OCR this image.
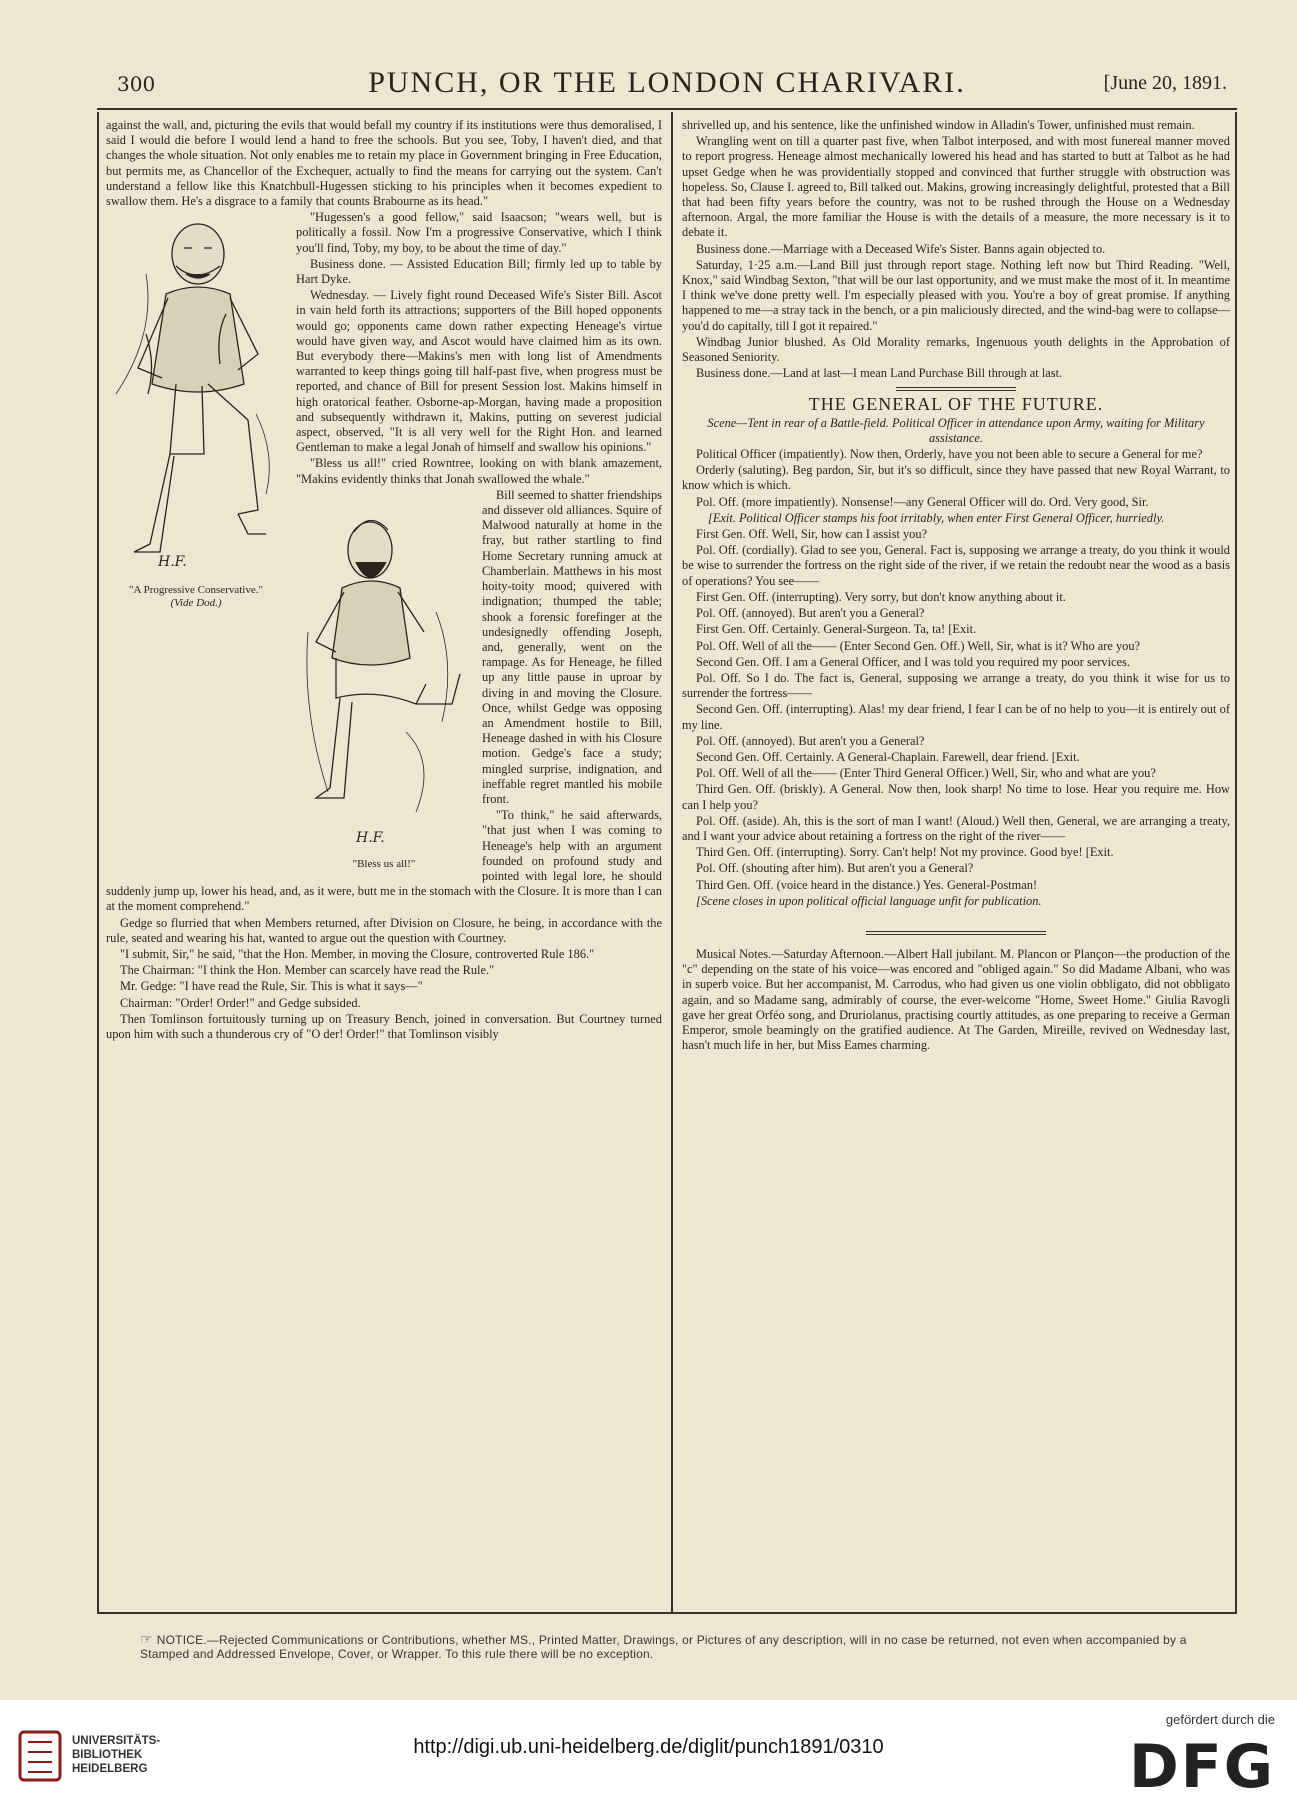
300	PUNCH, OR THE LONDON CHARIVARI.	[June 20, 1891.

against the wall, and, picturing the evils that would befall my country if its institutions were thus demoralised, I said I would die before I would lend a hand to free the schools. But you see, Toby, I haven't died, and that changes the whole situation. Not only enables me to retain my place in Government bringing in Free Education, but permits me, as Chancellor of the Exchequer, actually to find the means for carrying out the system. Can't understand a fellow like this Knatchbull-Hugessen sticking to his principles when it becomes expedient to swallow them. He's a disgrace to a family that counts Brabourne as its head."

H.F.
"A Progressive Conservative."
(Vide Dod.)

"Hugessen's a good fellow," said Isaacson; "wears well, but is politically a fossil. Now I'm a progressive Conservative, which I think you'll find, Toby, my boy, to be about the time of day."

Business done. — Assisted Education Bill; firmly led up to table by Hart Dyke.

Wednesday. — Lively fight round Deceased Wife's Sister Bill. Ascot in vain held forth its attractions; supporters of the Bill hoped opponents would go; opponents came down rather expecting Heneage's virtue would have given way, and Ascot would have claimed him as its own. But everybody there—Makins's men with long list of Amendments warranted to keep things going till half-past five, when progress must be reported, and chance of Bill for present Session lost. Makins himself in high oratorical feather. Osborne-ap-Morgan, having made a proposition and subsequently withdrawn it, Makins, putting on severest judicial aspect, observed, "It is all very well for the Right Hon. and learned Gentleman to make a legal Jonah of himself and swallow his opinions."

"Bless us all!" cried Rowntree, looking on with blank amazement, "Makins evidently thinks that Jonah swallowed the whale."

H.F.
"Bless us all!"

Bill seemed to shatter friendships and dissever old alliances. Squire of Malwood naturally at home in the fray, but rather startling to find Home Secretary running amuck at Chamberlain. Matthews in his most hoity-toity mood; quivered with indignation; thumped the table; shook a forensic forefinger at the undesignedly offending Joseph, and, generally, went on the rampage. As for Heneage, he filled up any little pause in uproar by diving in and moving the Closure. Once, whilst Gedge was opposing an Amendment hostile to Bill, Heneage dashed in with his Closure motion. Gedge's face a study; mingled surprise, indignation, and ineffable regret mantled his mobile front.

"To think," he said afterwards, "that just when I was coming to Heneage's help with an argument founded on profound study and pointed with legal lore, he should suddenly jump up, lower his head, and, as it were, butt me in the stomach with the Closure. It is more than I can at the moment comprehend."

Gedge so flurried that when Members returned, after Division on Closure, he being, in accordance with the rule, seated and wearing his hat, wanted to argue out the question with Courtney.

"I submit, Sir," he said, "that the Hon. Member, in moving the Closure, controverted Rule 186."

The Chairman: "I think the Hon. Member can scarcely have read the Rule."

Mr. Gedge: "I have read the Rule, Sir. This is what it says—"

Chairman: "Order! Order!" and Gedge subsided.

Then Tomlinson fortuitously turning up on Treasury Bench, joined in conversation. But Courtney turned upon him with such a thunderous cry of "O der! Order!" that Tomlinson visibly

shrivelled up, and his sentence, like the unfinished window in Alladin's Tower, unfinished must remain.

Wrangling went on till a quarter past five, when Talbot interposed, and with most funereal manner moved to report progress. Heneage almost mechanically lowered his head and has started to butt at Talbot as he had upset Gedge when he was providentially stopped and convinced that further struggle with obstruction was hopeless. So, Clause I. agreed to, Bill talked out. Makins, growing increasingly delightful, protested that a Bill that had been fifty years before the country, was not to be rushed through the House on a Wednesday afternoon. Argal, the more familiar the House is with the details of a measure, the more necessary is it to debate it.

Business done.—Marriage with a Deceased Wife's Sister. Banns again objected to.

Saturday, 1·25 a.m.—Land Bill just through report stage. Nothing left now but Third Reading. "Well, Knox," said Windbag Sexton, "that will be our last opportunity, and we must make the most of it. In meantime I think we've done pretty well. I'm especially pleased with you. You're a boy of great promise. If anything happened to me—a stray tack in the bench, or a pin maliciously directed, and the wind-bag were to collapse—you'd do capitally, till I got it repaired."

Windbag Junior blushed. As Old Morality remarks, Ingenuous youth delights in the Approbation of Seasoned Seniority.

Business done.—Land at last—I mean Land Purchase Bill through at last.

THE GENERAL OF THE FUTURE.

Scene—Tent in rear of a Battle-field. Political Officer in attendance upon Army, waiting for Military assistance.

Political Officer (impatiently). Now then, Orderly, have you not been able to secure a General for me?

Orderly (saluting). Beg pardon, Sir, but it's so difficult, since they have passed that new Royal Warrant, to know which is which.

Pol. Off. (more impatiently). Nonsense!—any General Officer will do. Ord. Very good, Sir.

[Exit. Political Officer stamps his foot irritably, when enter First General Officer, hurriedly.

First Gen. Off. Well, Sir, how can I assist you?

Pol. Off. (cordially). Glad to see you, General. Fact is, supposing we arrange a treaty, do you think it would be wise to surrender the fortress on the right side of the river, if we retain the redoubt near the wood as a basis of operations? You see——

First Gen. Off. (interrupting). Very sorry, but don't know anything about it.

Pol. Off. (annoyed). But aren't you a General?

First Gen. Off. Certainly. General-Surgeon. Ta, ta! [Exit.

Pol. Off. Well of all the—— (Enter Second Gen. Off.) Well, Sir, what is it? Who are you?

Second Gen. Off. I am a General Officer, and I was told you required my poor services.

Pol. Off. So I do. The fact is, General, supposing we arrange a treaty, do you think it wise for us to surrender the fortress——

Second Gen. Off. (interrupting). Alas! my dear friend, I fear I can be of no help to you—it is entirely out of my line.

Pol. Off. (annoyed). But aren't you a General?

Second Gen. Off. Certainly. A General-Chaplain. Farewell, dear friend. [Exit.

Pol. Off. Well of all the—— (Enter Third General Officer.) Well, Sir, who and what are you?

Third Gen. Off. (briskly). A General. Now then, look sharp! No time to lose. Hear you require me. How can I help you?

Pol. Off. (aside). Ah, this is the sort of man I want! (Aloud.) Well then, General, we are arranging a treaty, and I want your advice about retaining a fortress on the right of the river——

Third Gen. Off. (interrupting). Sorry. Can't help! Not my province. Good bye! [Exit.

Pol. Off. (shouting after him). But aren't you a General?

Third Gen. Off. (voice heard in the distance.) Yes. General-Postman!

[Scene closes in upon political official language unfit for publication.

Musical Notes.—Saturday Afternoon.—Albert Hall jubilant. M. Plancon or Plançon—the production of the "c" depending on the state of his voice—was encored and "obliged again." So did Madame Albani, who was in superb voice. But her accompanist, M. Carrodus, who had given us one violin obbligato, did not obbligato again, and so Madame sang, admirably of course, the ever-welcome "Home, Sweet Home." Giulia Ravogli gave her great Orféo song, and Druriolanus, practising courtly attitudes, as one preparing to receive a German Emperor, smole beamingly on the gratified audience. At The Garden, Mireille, revived on Wednesday last, hasn't much life in her, but Miss Eames charming.

☞ NOTICE.—Rejected Communications or Contributions, whether MS., Printed Matter, Drawings, or Pictures of any description, will in no case be returned, not even when accompanied by a Stamped and Addressed Envelope, Cover, or Wrapper. To this rule there will be no exception.
UNIVERSITÄTS-
BIBLIOTHEK
HEIDELBERG
http://digi.ub.uni-heidelberg.de/diglit/punch1891/0310
gefördert durch die
DFG
